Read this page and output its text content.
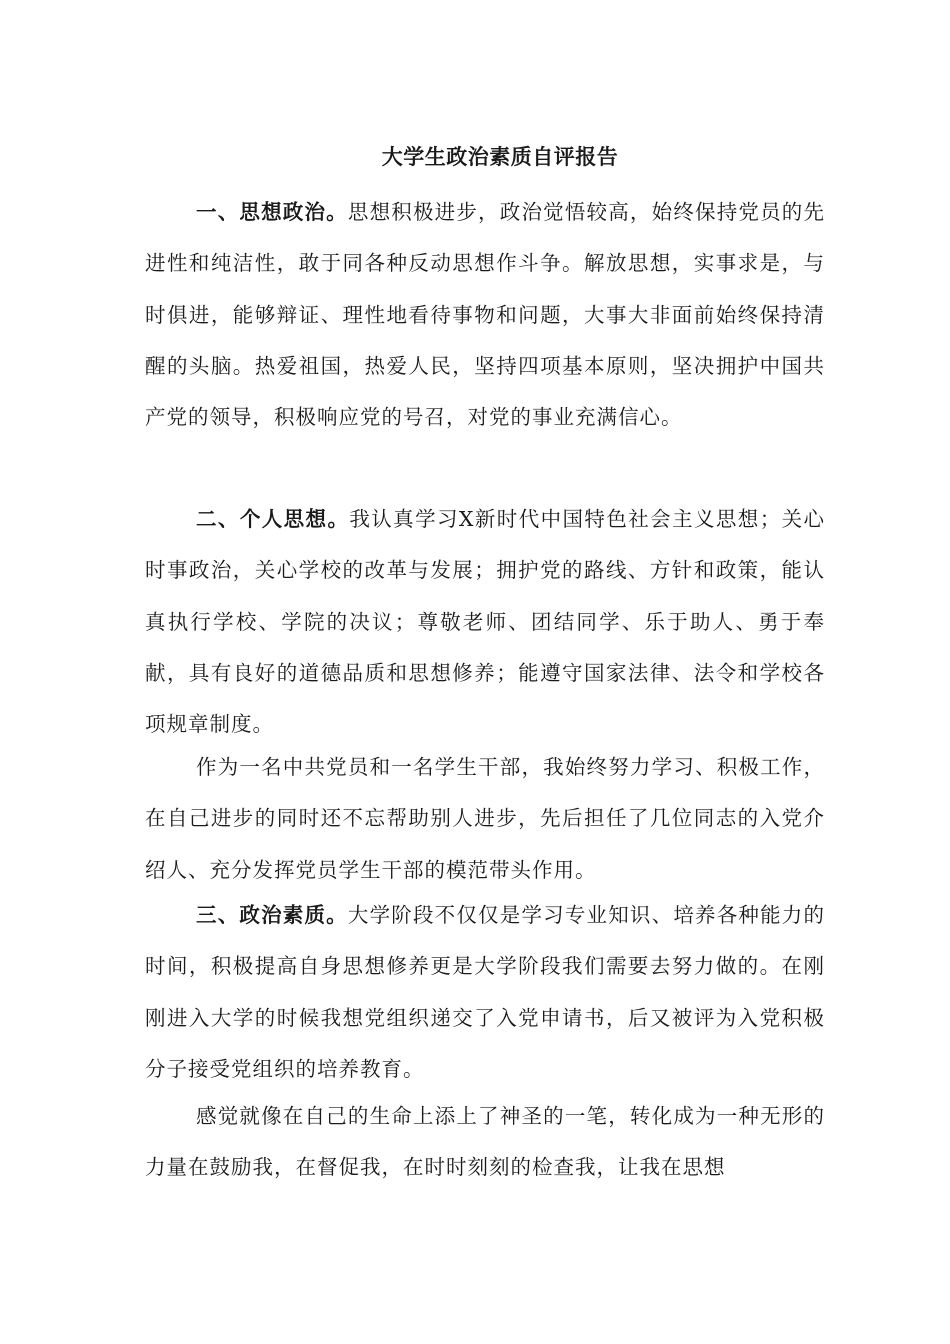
大学生政治素质自评报告

一、思想政治。思想积极进步，政治觉悟较高，始终保持党员的先进性和纯洁性，敢于同各种反动思想作斗争。解放思想，实事求是，与时俱进，能够辩证、理性地看待事物和问题，大事大非面前始终保持清醒的头脑。热爱祖国，热爱人民，坚持四项基本原则，坚决拥护中国共产党的领导，积极响应党的号召，对党的事业充满信心。

二、个人思想。我认真学习X新时代中国特色社会主义思想；关心时事政治，关心学校的改革与发展；拥护党的路线、方针和政策，能认真执行学校、学院的决议；尊敬老师、团结同学、乐于助人、勇于奉献，具有良好的道德品质和思想修养；能遵守国家法律、法令和学校各项规章制度。

作为一名中共党员和一名学生干部，我始终努力学习、积极工作，在自己进步的同时还不忘帮助别人进步，先后担任了几位同志的入党介绍人、充分发挥党员学生干部的模范带头作用。

三、政治素质。大学阶段不仅仅是学习专业知识、培养各种能力的时间，积极提高自身思想修养更是大学阶段我们需要去努力做的。在刚刚进入大学的时候我想党组织递交了入党申请书，后又被评为入党积极分子接受党组织的培养教育。

感觉就像在自己的生命上添上了神圣的一笔，转化成为一种无形的力量在鼓励我，在督促我，在时时刻刻的检查我，让我在思想
